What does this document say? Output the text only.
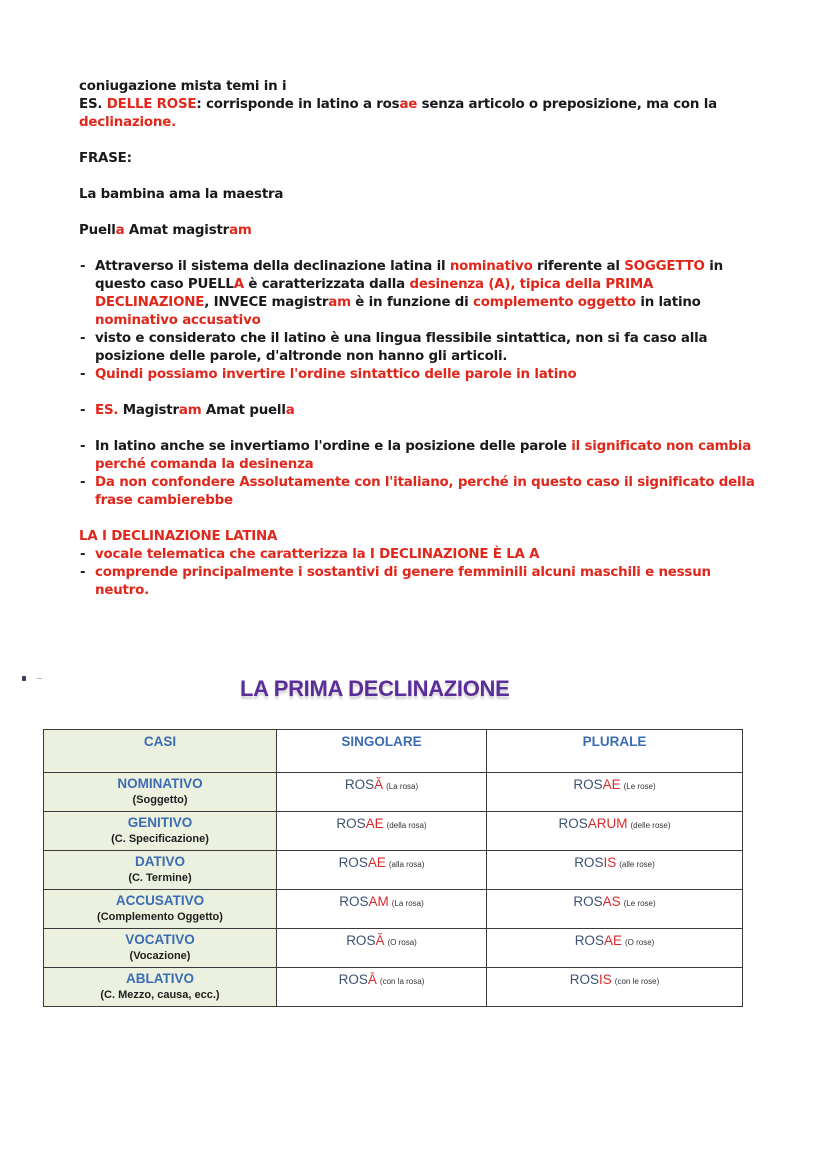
coniugazione mista temi in i
ES. DELLE ROSE: corrisponde in latino a rosae senza articolo o preposizione, ma con la declinazione.
FRASE:
La bambina ama la maestra
Puella Amat magistram
- Attraverso il sistema della declinazione latina il nominativo riferente al SOGGETTO in questo caso PUELLA è caratterizzata dalla desinenza (A), tipica della PRIMA DECLINAZIONE, INVECE magistram è in funzione di complemento oggetto in latino nominativo accusativo
- visto e considerato che il latino è una lingua flessibile sintattica, non si fa caso alla posizione delle parole, d'altronde non hanno gli articoli.
- Quindi possiamo invertire l'ordine sintattico delle parole in latino
- ES. Magistram Amat puella
- In latino anche se invertiamo l'ordine e la posizione delle parole il significato non cambia perché comanda la desinenza
- Da non confondere Assolutamente con l'italiano, perché in questo caso il significato della frase cambierebbe
LA I DECLINAZIONE LATINA
- vocale telematica che caratterizza la I DECLINAZIONE È LA A
- comprende principalmente i sostantivi di genere femminili alcuni maschili e nessun neutro.
LA PRIMA DECLINAZIONE
CASI	SINGOLARE	PLURALE

NOMINATIVO
(Soggetto)	ROSĂ (La rosa)	ROSAE (Le rose)

GENITIVO
(C. Specificazione)	ROSAE (della rosa)	ROSARUM (delle rose)

DATIVO
(C. Termine)	ROSAE (alla rosa)	ROSIS (alle rose)

ACCUSATIVO
(Complemento Oggetto)	ROSAM (La rosa)	ROSAS (Le rose)

VOCATIVO
(Vocazione)	ROSĂ (O rosa)	ROSAE (O rose)

ABLATIVO
(C. Mezzo, causa, ecc.)	ROSĀ (con la rosa)	ROSIS (con le rose)
